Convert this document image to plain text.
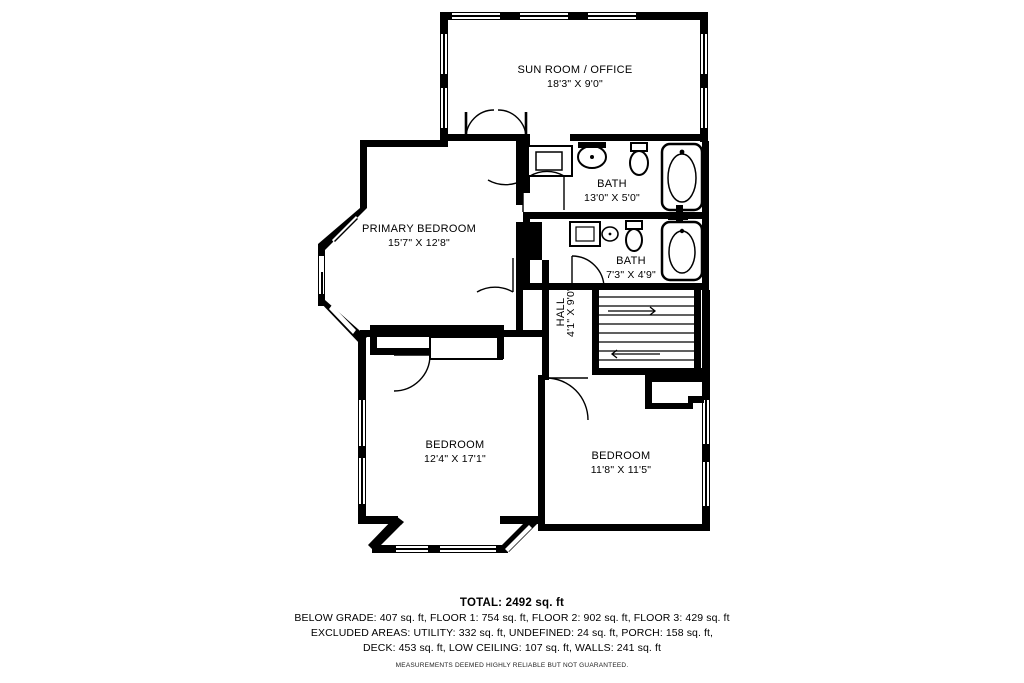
SUN ROOM / OFFICE
18'3" X 9'0"
BATH
13'0" X 5'0"
PRIMARY BEDROOM
15'7" X 12'8"
BATH
7'3" X 4'9"
BEDROOM
12'4" X 17'1"	BEDROOM
11'8" X 11'5"
HALL
4'1" X 9'0"
TOTAL: 2492 sq. ft
BELOW GRADE: 407 sq. ft, FLOOR 1: 754 sq. ft, FLOOR 2: 902 sq. ft, FLOOR 3: 429 sq. ft
EXCLUDED AREAS: UTILITY: 332 sq. ft, UNDEFINED: 24 sq. ft, PORCH: 158 sq. ft,
DECK: 453 sq. ft, LOW CEILING: 107 sq. ft, WALLS: 241 sq. ft
MEASUREMENTS DEEMED HIGHLY RELIABLE BUT NOT GUARANTEED.
